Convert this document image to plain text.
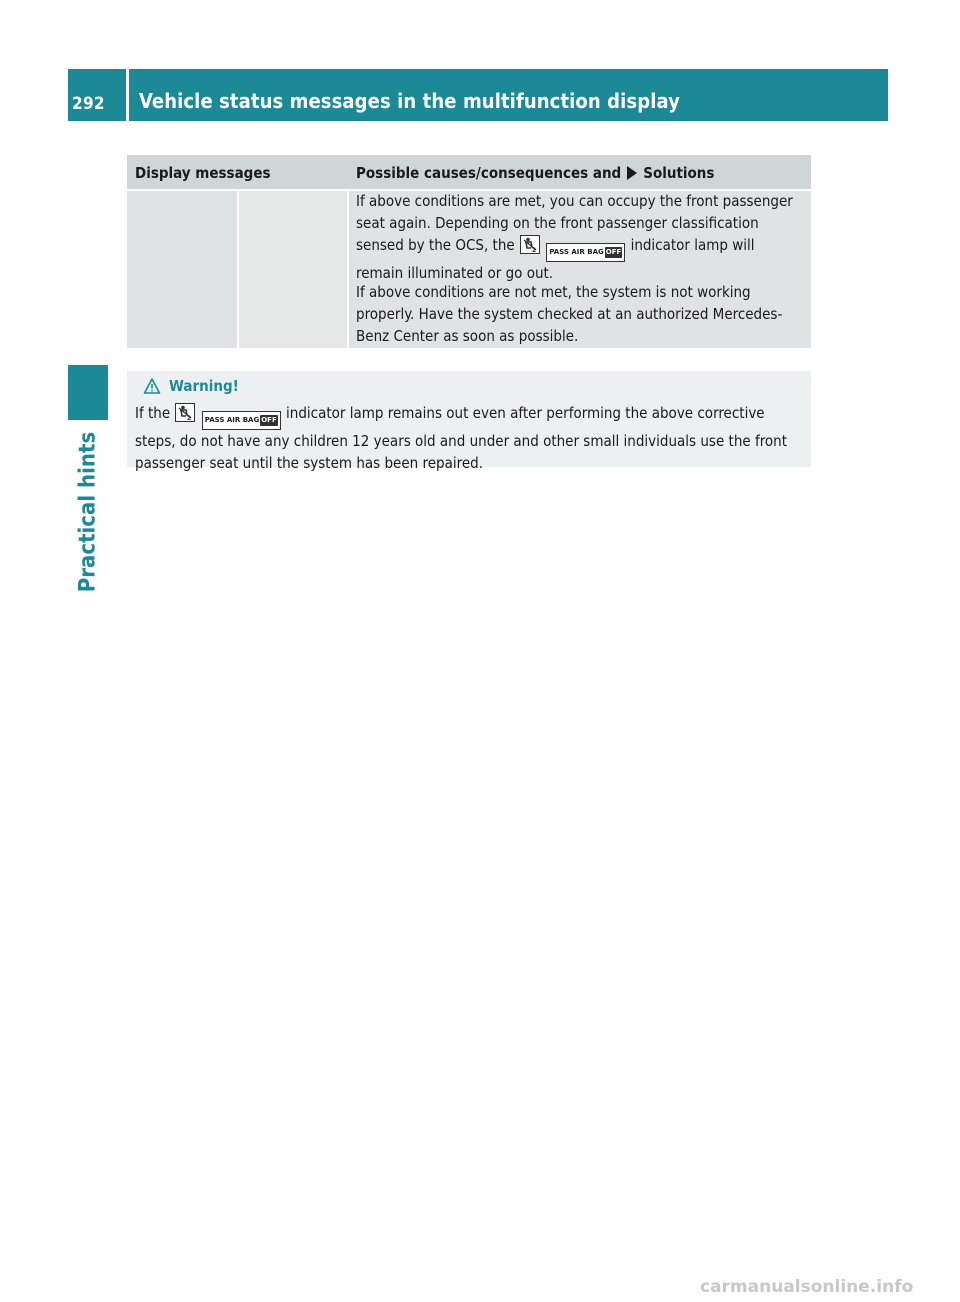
292 Vehicle status messages in the multifunction display
Practical hints
Display messages	Possible causes/consequences and Solutions

If above conditions are met, you can occupy the front passenger seat again. Depending on the front passenger classification sensed by the OCS, the	2 PASS AIR BAG OFF indicator lamp will remain illuminated or go out.

If above conditions are not met, the system is not working properly. Have the system checked at an authorized Mercedes-Benz Center as soon as possible.

Warning!

If the	2 PASS AIR BAG OFF indicator lamp remains out even after performing the above corrective steps, do not have any children 12 years old and under and other small individuals use the front passenger seat until the system has been repaired.

carmanualsonline.info
